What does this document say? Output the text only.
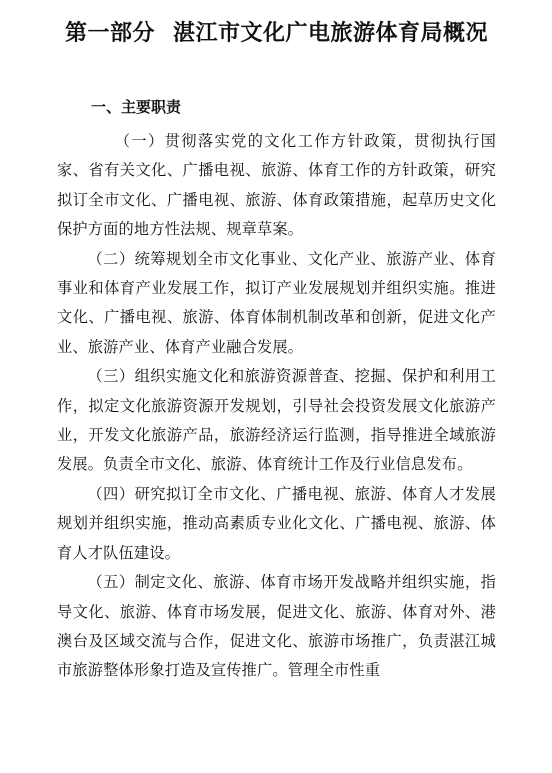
第一部分 湛江市文化广电旅游体育局概况
一、主要职责

（一）贯彻落实党的文化工作方针政策，贯彻执行国家、省有关文化、广播电视、旅游、体育工作的方针政策，研究拟订全市文化、广播电视、旅游、体育政策措施，起草历史文化保护方面的地方性法规、规章草案。

（二）统筹规划全市文化事业、文化产业、旅游产业、体育事业和体育产业发展工作，拟订产业发展规划并组织实施。推进文化、广播电视、旅游、体育体制机制改革和创新，促进文化产业、旅游产业、体育产业融合发展。

（三）组织实施文化和旅游资源普查、挖掘、保护和利用工作，拟定文化旅游资源开发规划，引导社会投资发展文化旅游产业，开发文化旅游产品，旅游经济运行监测，指导推进全域旅游发展。负责全市文化、旅游、体育统计工作及行业信息发布。

（四）研究拟订全市文化、广播电视、旅游、体育人才发展规划并组织实施，推动高素质专业化文化、广播电视、旅游、体育人才队伍建设。

（五）制定文化、旅游、体育市场开发战略并组织实施，指导文化、旅游、体育市场发展，促进文化、旅游、体育对外、港澳台及区域交流与合作，促进文化、旅游市场推广，负责湛江城市旅游整体形象打造及宣传推广。管理全市性重
